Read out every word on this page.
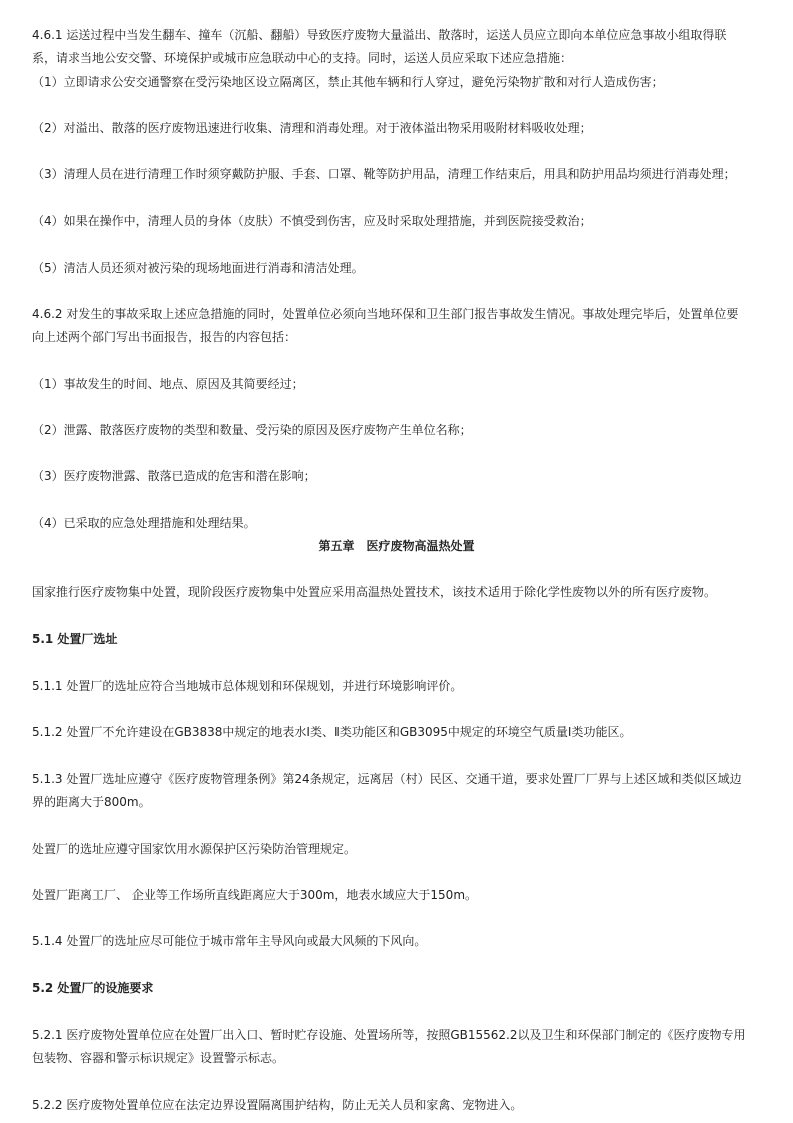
4.6.1 运送过程中当发生翻车、撞车（沉船、翻船）导致医疗废物大量溢出、散落时，运送人员应立即向本单位应急事故小组取得联
系，请求当地公安交警、环境保护或城市应急联动中心的支持。同时，运送人员应采取下述应急措施：
（1）立即请求公安交通警察在受污染地区设立隔离区，禁止其他车辆和行人穿过，避免污染物扩散和对行人造成伤害；
（2）对溢出、散落的医疗废物迅速进行收集、清理和消毒处理。对于液体溢出物采用吸附材料吸收处理；
（3）清理人员在进行清理工作时须穿戴防护服、手套、口罩、靴等防护用品，清理工作结束后，用具和防护用品均须进行消毒处理；
（4）如果在操作中，清理人员的身体（皮肤）不慎受到伤害，应及时采取处理措施，并到医院接受救治；
（5）清洁人员还须对被污染的现场地面进行消毒和清洁处理。
4.6.2 对发生的事故采取上述应急措施的同时，处置单位必须向当地环保和卫生部门报告事故发生情况。事故处理完毕后，处置单位要
向上述两个部门写出书面报告，报告的内容包括：
（1）事故发生的时间、地点、原因及其简要经过；
（2）泄露、散落医疗废物的类型和数量、受污染的原因及医疗废物产生单位名称；
（3）医疗废物泄露、散落已造成的危害和潜在影响；
（4）已采取的应急处理措施和处理结果。
第五章　医疗废物高温热处置
国家推行医疗废物集中处置，现阶段医疗废物集中处置应采用高温热处置技术，该技术适用于除化学性废物以外的所有医疗废物。
5.1 处置厂选址
5.1.1 处置厂的选址应符合当地城市总体规划和环保规划，并进行环境影响评价。
5.1.2 处置厂不允许建设在GB3838中规定的地表水Ⅰ类、Ⅱ类功能区和GB3095中规定的环境空气质量Ⅰ类功能区。
5.1.3 处置厂选址应遵守《医疗废物管理条例》第24条规定，远离居（村）民区、交通干道，要求处置厂厂界与上述区域和类似区域边
界的距离大于800m。
处置厂的选址应遵守国家饮用水源保护区污染防治管理规定。
处置厂距离工厂、 企业等工作场所直线距离应大于300m，地表水域应大于150m。
5.1.4 处置厂的选址应尽可能位于城市常年主导风向或最大风频的下风向。
5.2 处置厂的设施要求
5.2.1 医疗废物处置单位应在处置厂出入口、暂时贮存设施、处置场所等，按照GB15562.2以及卫生和环保部门制定的《医疗废物专用
包装物、容器和警示标识规定》设置警示标志。
5.2.2 医疗废物处置单位应在法定边界设置隔离围护结构，防止无关人员和家禽、宠物进入。
